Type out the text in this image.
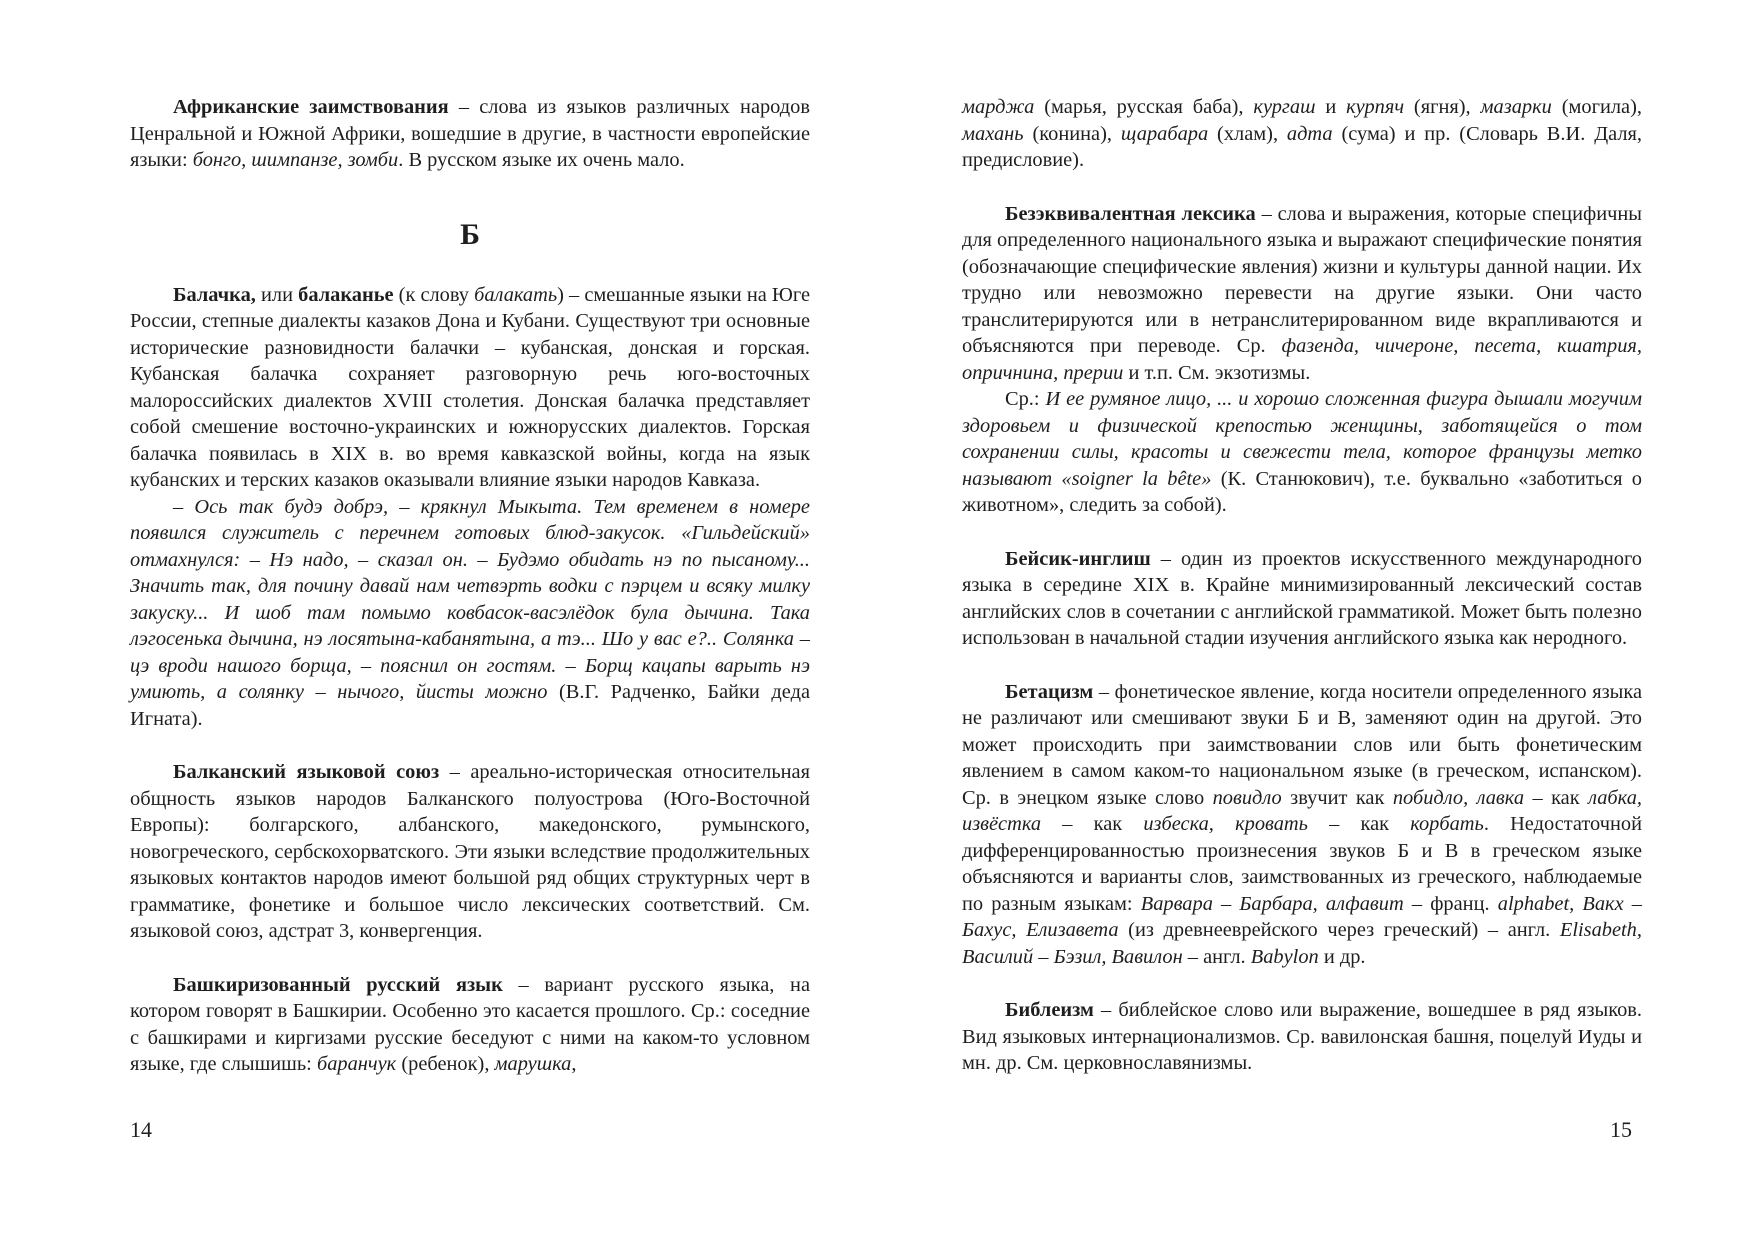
Африканские заимствования – слова из языков различных народов Ценральной и Южной Африки, вошедшие в другие, в частности европейские языки: бонго, шимпанзе, зомби. В русском языке их очень мало.

Б

Балачка, или балаканье (к слову балакать) – смешанные языки на Юге России, степные диалекты казаков Дона и Кубани. Существуют три основные исторические разновидности балачки – кубанская, донская и горская. Кубанская балачка сохраняет разговорную речь юго-восточных малороссийских диалектов XVIII столетия. Донская балачка представляет собой смешение восточно-украинских и южнорусских диалектов. Горская балачка появилась в XIX в. во время кавказской войны, когда на язык кубанских и терских казаков оказывали влияние языки народов Кавказа.

– Ось так будэ добрэ, – крякнул Мыкыта. Тем временем в номере появился служитель с перечнем готовых блюд-закусок. «Гильдейский» отмахнулся: – Нэ надо, – сказал он. – Будэмо обидать нэ по пысаному... Значить так, для почину давай нам четвэрть водки с пэрцем и всяку милку закуску... И шоб там помымо ковбасок-васэлёдок була дычина. Така лэгосенька дычина, нэ лосятына-кабанятына, а тэ... Шо у вас е?.. Солянка – цэ вроди нашого борща, – пояснил он гостям. – Борщ кацапы варыть нэ умиють, а солянку – нычого, йисты можно (В.Г. Радченко, Байки деда Игната).

Балканский языковой союз – ареально-историческая относительная общность языков народов Балканского полуострова (Юго-Восточной Европы): болгарского, албанского, македонского, румынского, новогреческого, сербскохорватского. Эти языки вследствие продолжительных языковых контактов народов имеют большой ряд общих структурных черт в грамматике, фонетике и большое число лексических соответствий. См. языковой союз, адстрат 3, конвергенция.

Башкиризованный русский язык – вариант русского языка, на котором говорят в Башкирии. Особенно это касается прошлого. Ср.: соседние с башкирами и киргизами русские беседуют с ними на каком-то условном языке, где слышишь: баранчук (ребенок), марушка,

14

марджа (марья, русская баба), кургаш и курпяч (ягня), мазарки (могила), махань (конина), щарабара (хлам), адта (сума) и пр. (Словарь В.И. Даля, предисловие).

Безэквивалентная лексика – слова и выражения, которые специфичны для определенного национального языка и выражают специфические понятия (обозначающие специфические явления) жизни и культуры данной нации. Их трудно или невозможно перевести на другие языки. Они часто транслитерируются или в нетранслитерированном виде вкрапливаются и объясняются при переводе. Ср. фазенда, чичероне, песета, кшатрия, опричнина, прерии и т.п. См. экзотизмы.

Ср.: И ее румяное лицо, ... и хорошо сложенная фигура дышали могучим здоровьем и физической крепостью женщины, заботящейся о том сохранении силы, красоты и свежести тела, которое французы метко называют «soigner la bête» (К. Станюкович), т.е. буквально «заботиться о животном», следить за собой).

Бейсик-инглиш – один из проектов искусственного международного языка в середине XIX в. Крайне минимизированный лексический состав английских слов в сочетании с английской грамматикой. Может быть полезно использован в начальной стадии изучения английского языка как неродного.

Бетацизм – фонетическое явление, когда носители определенного языка не различают или смешивают звуки Б и В, заменяют один на другой. Это может происходить при заимствовании слов или быть фонетическим явлением в самом каком-то национальном языке (в греческом, испанском). Ср. в энецком языке слово повидло звучит как побидло, лавка – как лабка, извёстка – как избеска, кровать – как корбать. Недостаточной дифференцированностью произнесения звуков Б и В в греческом языке объясняются и варианты слов, заимствованных из греческого, наблюдаемые по разным языкам: Варвара – Барбара, алфавит – франц. alphabet, Вакх – Бахус, Елизавета (из древнееврейского через греческий) – англ. Elisabeth, Василий – Бэзил, Вавилон – англ. Babylon и др.

Библеизм – библейское слово или выражение, вошедшее в ряд языков. Вид языковых интернационализмов. Ср. вавилонская башня, поцелуй Иуды и мн. др. См. церковнославянизмы.

15
